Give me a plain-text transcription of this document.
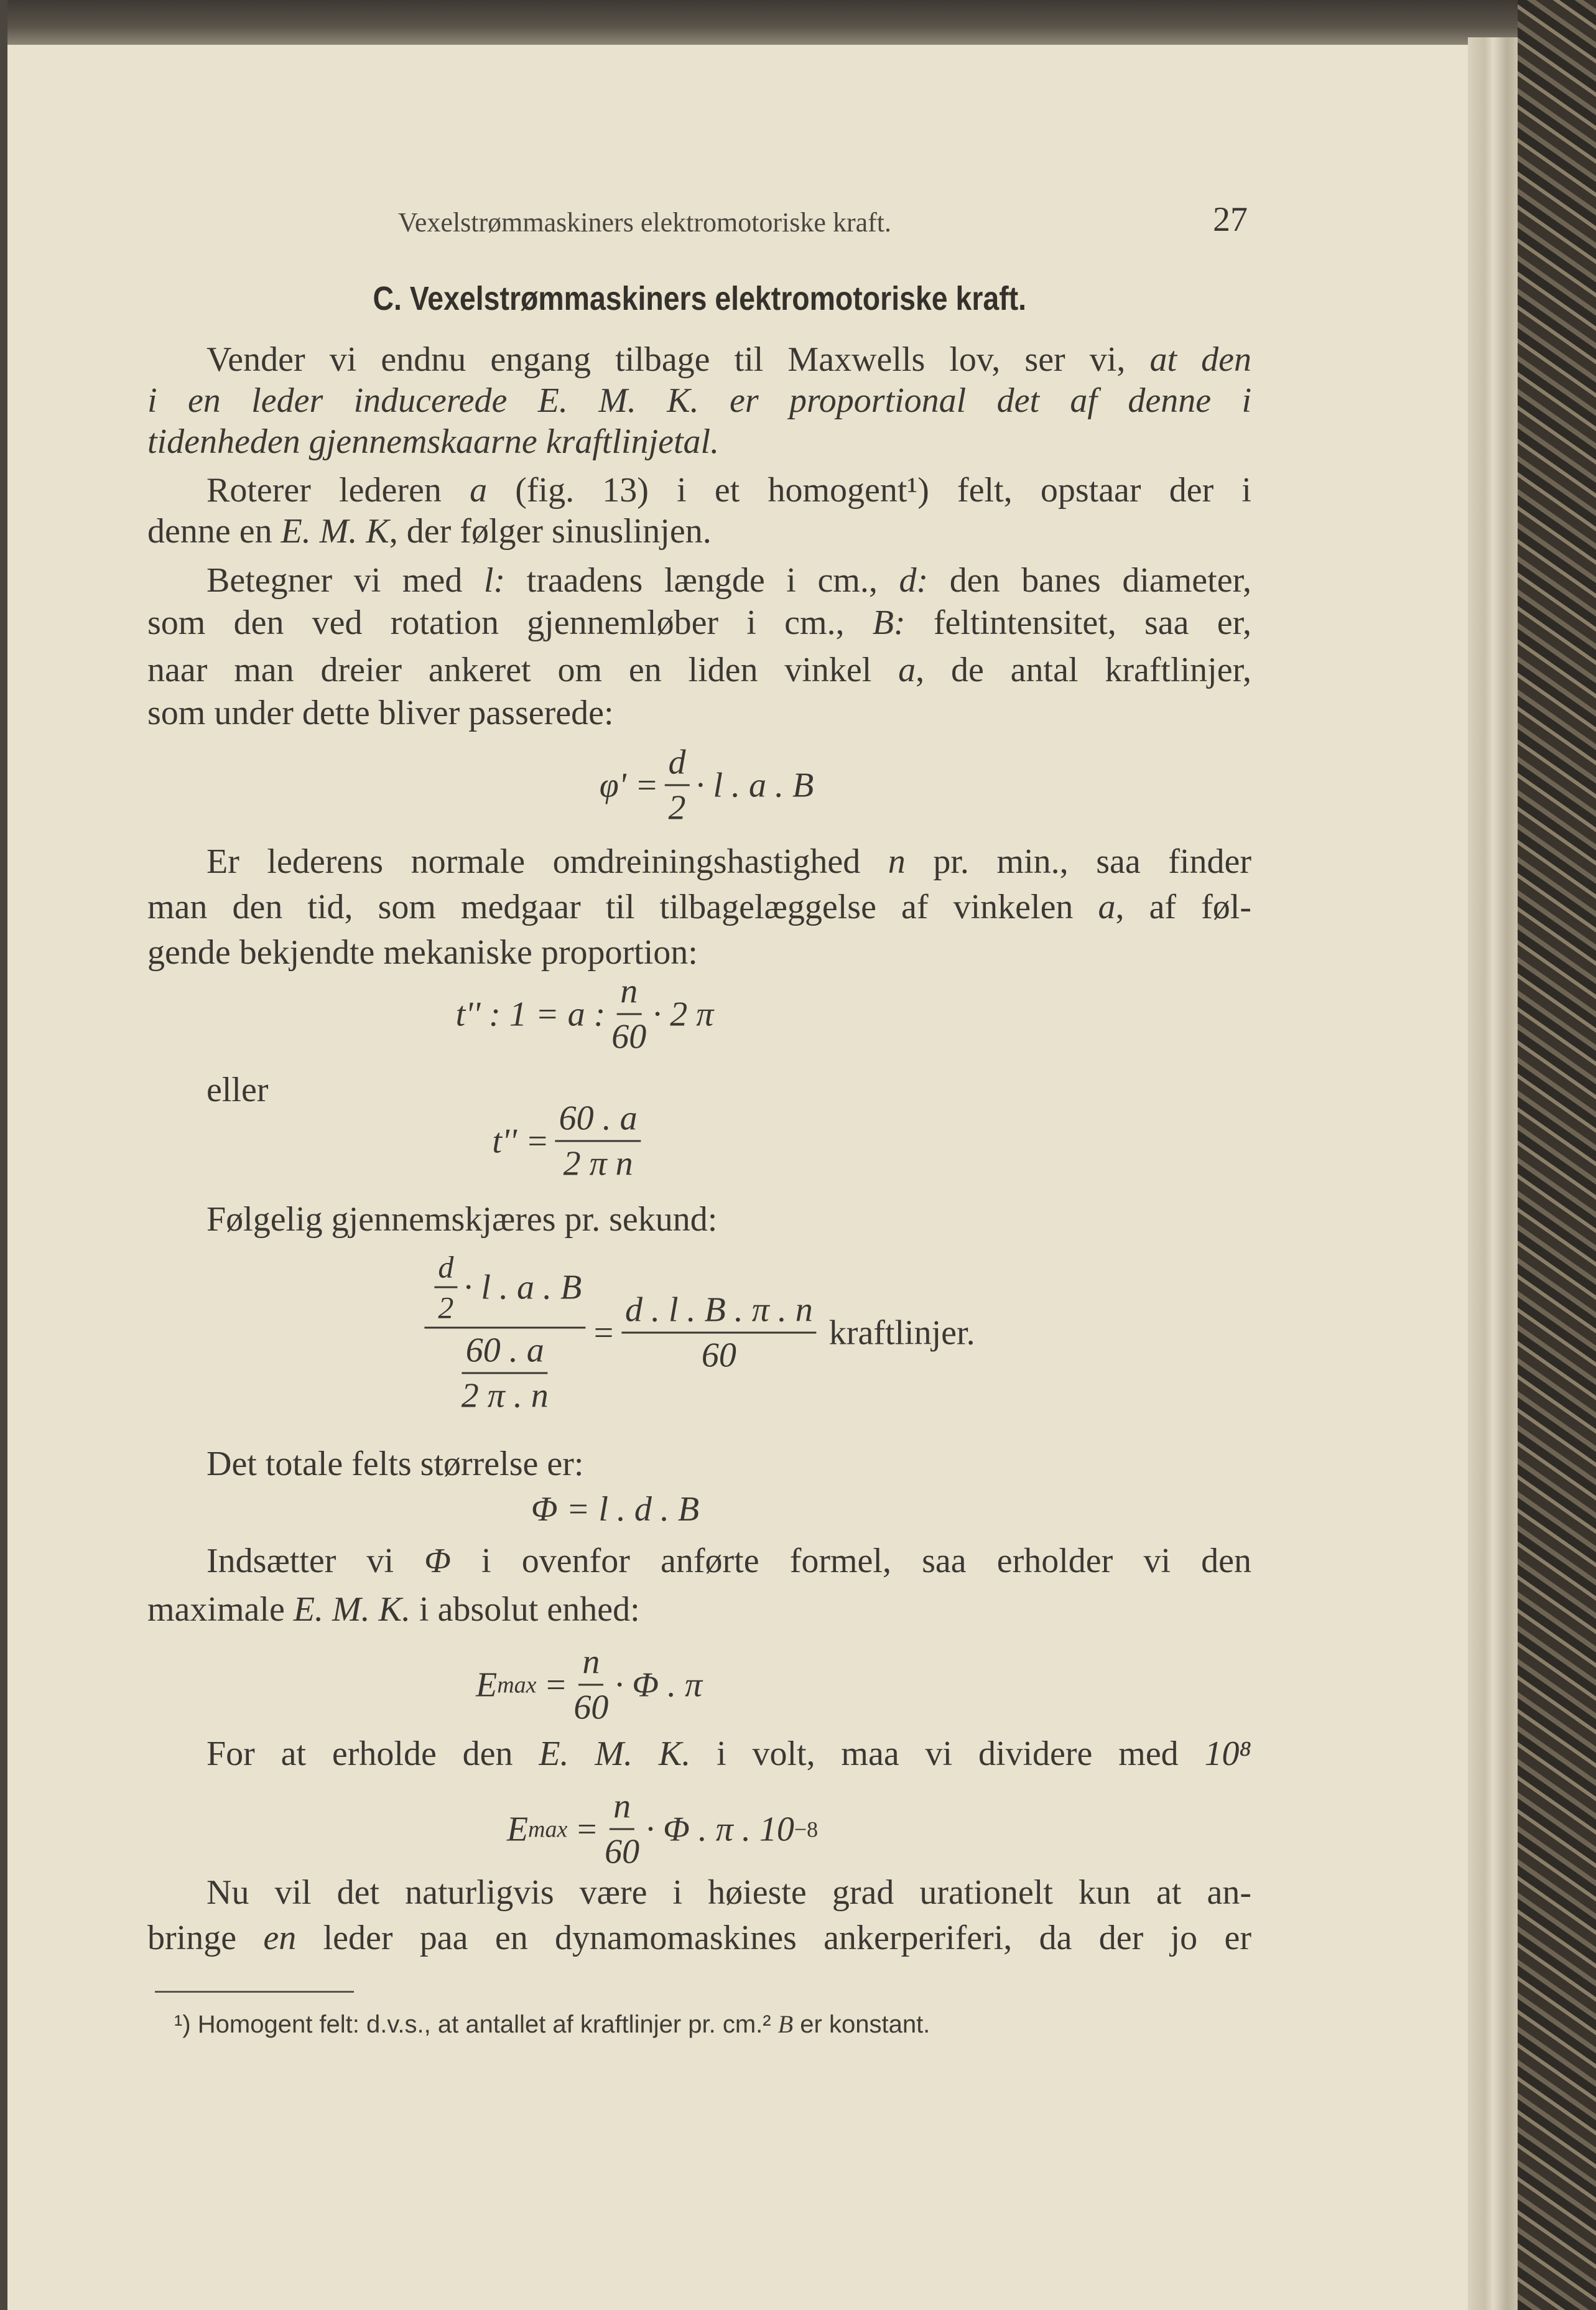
Vexelstrømmaskiners elektromotoriske kraft.	27
C. Vexelstrømmaskiners elektromotoriske kraft.
Vender vi endnu engang tilbage til Maxwells lov, ser vi, at den
i en leder inducerede E. M. K. er proportional det af denne i
tidenheden gjennemskaarne kraftlinjetal.
Roterer lederen a (fig. 13) i et homogent¹) felt, opstaar der i
denne en E. M. K, der følger sinuslinjen.
Betegner vi med l: traadens længde i cm., d: den banes diameter,
som den ved rotation gjennemløber i cm., B: feltintensitet, saa er,
naar man dreier ankeret om en liden vinkel a, de antal kraftlinjer,
som under dette bliver passerede:
Er lederens normale omdreiningshastighed n pr. min., saa finder
man den tid, som medgaar til tilbagelæggelse af vinkelen a, af føl-
gende bekjendte mekaniske proportion:
eller
Følgelig gjennemskjæres pr. sekund:
Det totale felts størrelse er:
Indsætter vi Φ i ovenfor anførte formel, saa erholder vi den
maximale E. M. K. i absolut enhed:
For at erholde den E. M. K. i volt, maa vi dividere med 10⁸
Nu vil det naturligvis være i høieste grad urationelt kun at an-
bringe en leder paa en dynamomaskines ankerperiferi, da der jo er
$\varphi' = \frac{d}{2} \cdot l$ . a . B
t'' : 1 = a : $\frac{n}{60} \cdot 2$ π
$t'' = \frac{60 . a}{\text{2 π n}}$
$\frac{\frac{d}{2} \cdot l . a . B}{\frac{60 . a}{2 \pi . n}} = \frac{d . l . B . \pi . n}{60}$ kraftlinjer.
Φ = l . d . B
E $\max = \frac{n}{60} \cdot \Phi$ . π
E $\max = \frac{n}{60} \cdot \Phi$ . π . 10 −8
¹) Homogent felt: d.v.s., at antallet af kraftlinjer pr. cm.² B er konstant.
